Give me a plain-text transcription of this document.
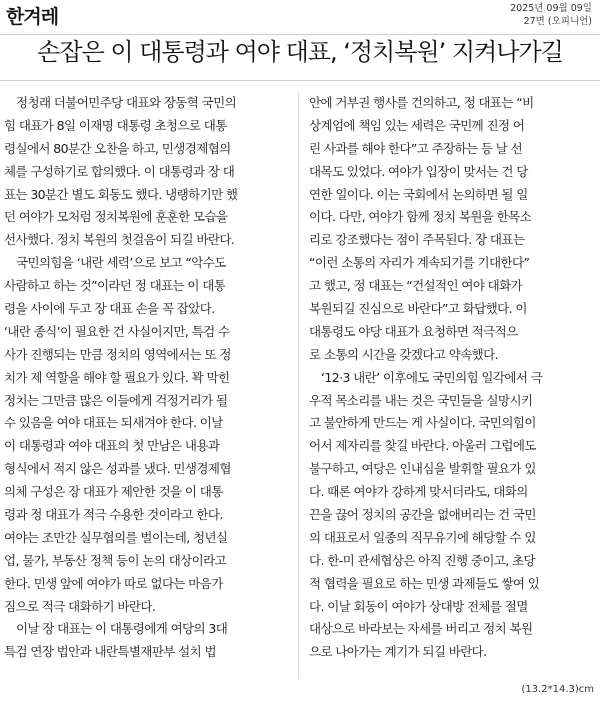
한겨레	2025년 09월 09일
27면 (오피니언)
손잡은 이 대통령과 여야 대표, ‘정치복원’ 지켜나가길
정청래 더불어민주당 대표와 장동혁 국민의
힘 대표가 8일 이재명 대통령 초청으로 대통
령실에서 80분간 오찬을 하고, 민생경제협의
체를 구성하기로 합의했다. 이 대통령과 장 대
표는 30분간 별도 회동도 했다. 냉랭하기만 했
던 여야가 모처럼 정치복원에 훈훈한 모습을
선사했다. 정치 복원의 첫걸음이 되길 바란다.
국민의힘을 ‘내란 세력’으로 보고 “악수도
사람하고 하는 것”이라던 정 대표는 이 대통
령을 사이에 두고 장 대표 손을 꼭 잡았다.
‘내란 종식’이 필요한 건 사실이지만, 특검 수
사가 진행되는 만큼 정치의 영역에서는 또 정
치가 제 역할을 해야 할 필요가 있다. 꽉 막힌
정치는 그만큼 많은 이들에게 걱정거리가 될
수 있음을 여야 대표는 되새겨야 한다. 이날
이 대통령과 여야 대표의 첫 만남은 내용과
형식에서 적지 않은 성과를 냈다. 민생경제협
의체 구성은 장 대표가 제안한 것을 이 대통
령과 정 대표가 적극 수용한 것이라고 한다.
여야는 조만간 실무협의를 벌이는데, 청년실
업, 물가, 부동산 정책 등이 논의 대상이라고
한다. 민생 앞에 여야가 따로 없다는 마음가
짐으로 적극 대화하기 바란다.
이날 장 대표는 이 대통령에게 여당의 3대
특검 연장 법안과 내란특별재판부 설치 법
안에 거부권 행사를 건의하고, 정 대표는 “비
상계엄에 책임 있는 세력은 국민께 진정 어
린 사과를 해야 한다”고 주장하는 등 날 선
대목도 있었다. 여야가 입장이 맞서는 건 당
연한 일이다. 이는 국회에서 논의하면 될 일
이다. 다만, 여야가 함께 정치 복원을 한목소
리로 강조했다는 점이 주목된다. 장 대표는
“이런 소통의 자리가 계속되기를 기대한다”
고 했고, 정 대표는 “건설적인 여야 대화가
복원되길 진심으로 바란다”고 화답했다. 이
대통령도 야당 대표가 요청하면 적극적으
로 소통의 시간을 갖겠다고 약속했다.
‘12·3 내란’ 이후에도 국민의힘 일각에서 극
우적 목소리를 내는 것은 국민들을 실망시키
고 불안하게 만드는 게 사실이다. 국민의힘이
어서 제자리를 찾길 바란다. 아울러 그럽에도
불구하고, 여당은 인내심을 발휘할 필요가 있
다. 때론 여야가 강하게 맞서더라도, 대화의
끈을 끊어 정치의 공간을 없애버리는 건 국민
의 대표로서 일종의 직무유기에 해당할 수 있
다. 한-미 관세협상은 아직 진행 중이고, 초당
적 협력을 필요로 하는 민생 과제들도 쌓여 있
다. 이날 회동이 여야가 상대방 전체를 절멸
대상으로 바라보는 자세를 버리고 정치 복원
으로 나아가는 계기가 되길 바란다.
(13.2*14.3)cm
